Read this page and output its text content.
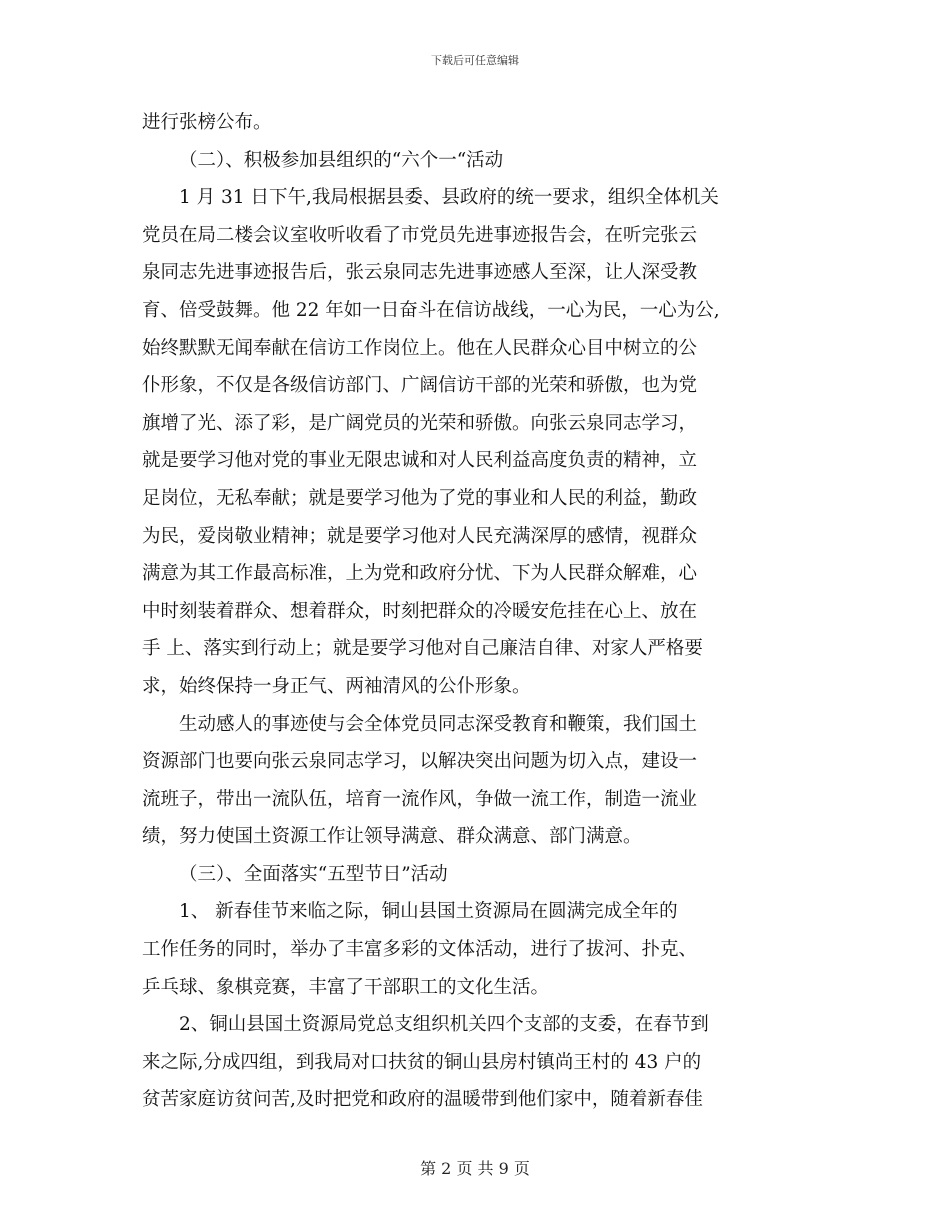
下载后可任意编辑
进行张榜公布。
（二）、积极参加县组织的“六个一“活动
1 月 31 日下午,我局根据县委、县政府的统一要求，组织全体机关
党员在局二楼会议室收听收看了市党员先进事迹报告会，在听完张云
泉同志先进事迹报告后，张云泉同志先进事迹感人至深，让人深受教
育、倍受鼓舞。他 22 年如一日奋斗在信访战线，一心为民，一心为公,
始终默默无闻奉献在信访工作岗位上。他在人民群众心目中树立的公
仆形象，不仅是各级信访部门、广阔信访干部的光荣和骄傲，也为党
旗增了光、添了彩，是广阔党员的光荣和骄傲。向张云泉同志学习，
就是要学习他对党的事业无限忠诚和对人民利益高度负责的精神，立
足岗位，无私奉献；就是要学习他为了党的事业和人民的利益，勤政
为民，爱岗敬业精神；就是要学习他对人民充满深厚的感情，视群众
满意为其工作最高标准，上为党和政府分忧、下为人民群众解难，心
中时刻装着群众、想着群众，时刻把群众的冷暖安危挂在心上、放在
手 上、落实到行动上；就是要学习他对自己廉洁自律、对家人严格要
求，始终保持一身正气、两袖清风的公仆形象。
生动感人的事迹使与会全体党员同志深受教育和鞭策，我们国土
资源部门也要向张云泉同志学习，以解决突出问题为切入点，建设一
流班子，带出一流队伍，培育一流作风，争做一流工作，制造一流业
绩，努力使国土资源工作让领导满意、群众满意、部门满意。
（三）、全面落实“五型节日”活动
1、 新春佳节来临之际，铜山县国土资源局在圆满完成全年的
工作任务的同时，举办了丰富多彩的文体活动，进行了拔河、扑克、
乒乓球、象棋竞赛，丰富了干部职工的文化生活。
2、铜山县国土资源局党总支组织机关四个支部的支委，在春节到
来之际,分成四组，到我局对口扶贫的铜山县房村镇尚王村的 43 户的
贫苦家庭访贫问苦,及时把党和政府的温暖带到他们家中，随着新春佳
第 2 页 共 9 页
